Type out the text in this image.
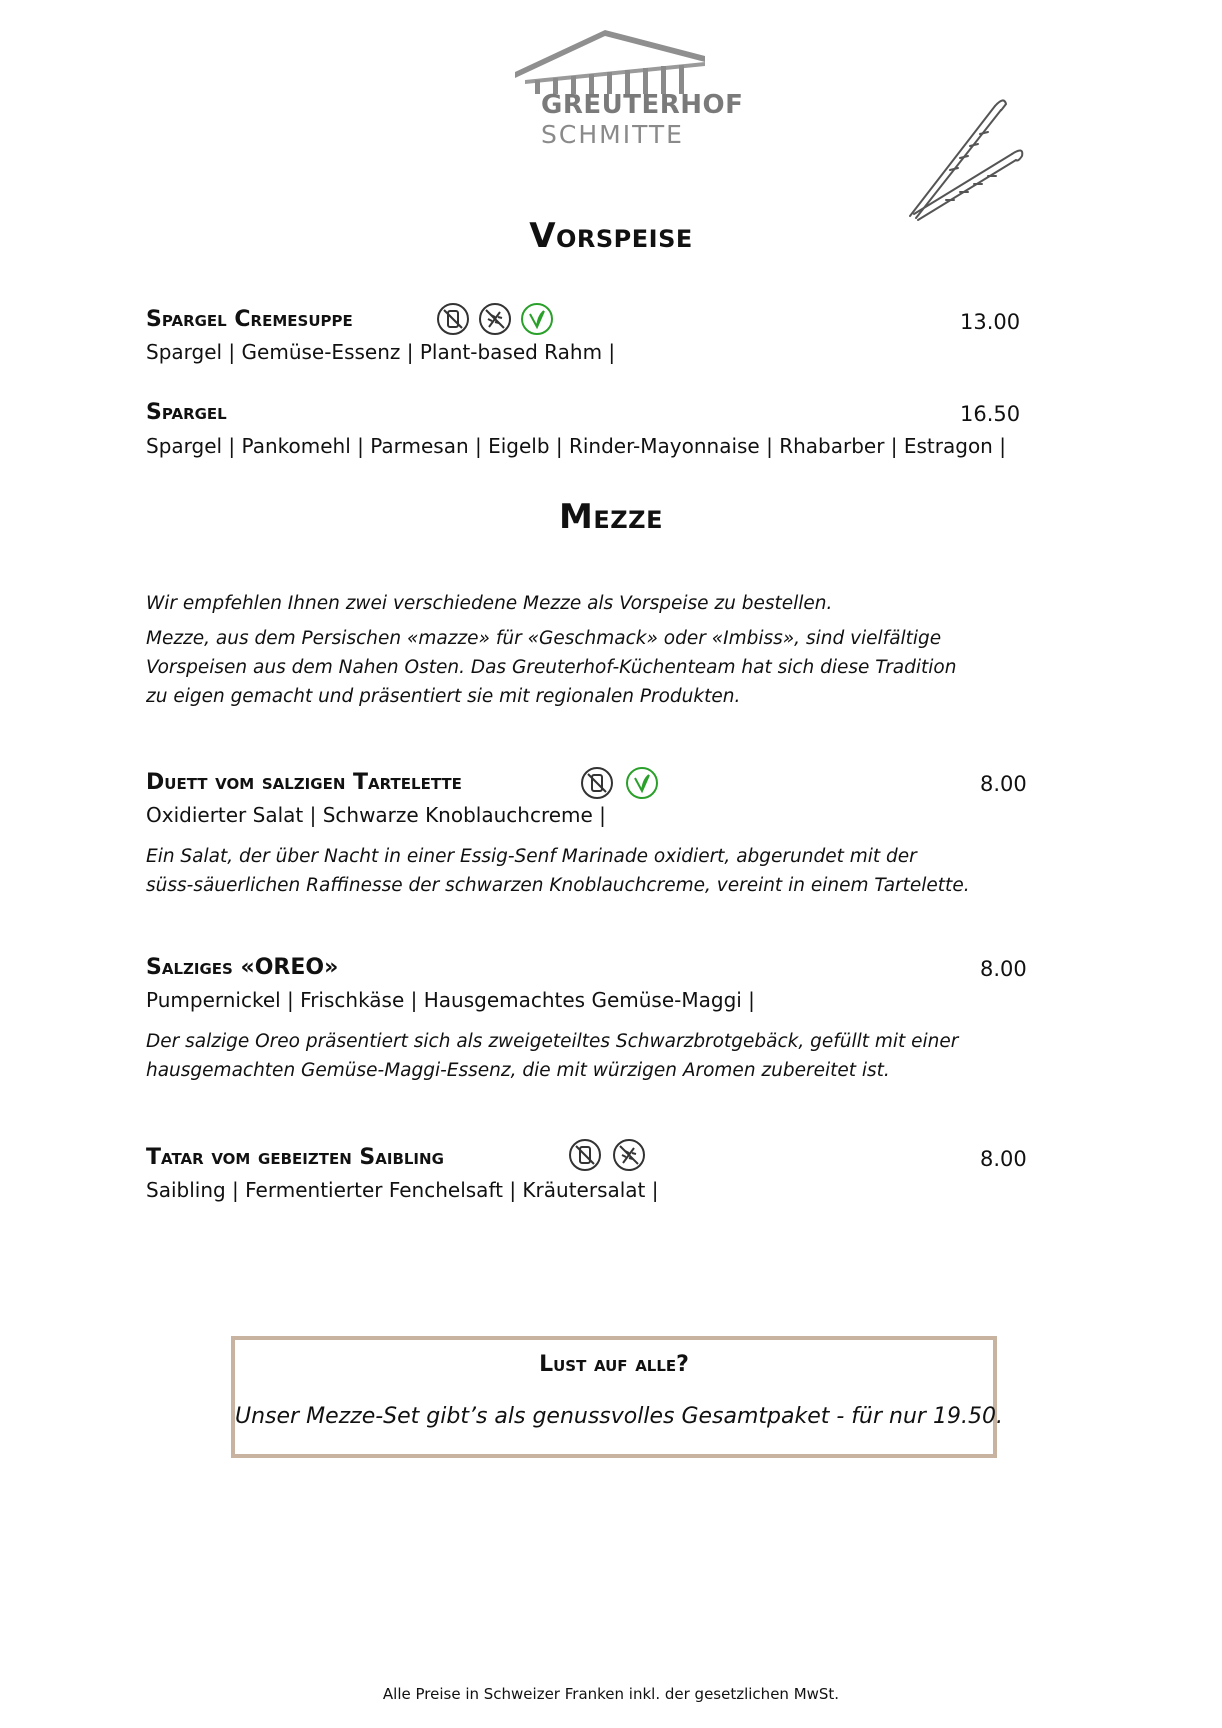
GREUTERHOF
SCHMITTE
Vorspeise
Spargel Cremesuppe	13.00
Spargel | Gemüse-Essenz | Plant-based Rahm |
Spargel	16.50
Spargel | Pankomehl | Parmesan | Eigelb | Rinder-Mayonnaise | Rhabarber | Estragon |
Mezze
Wir empfehlen Ihnen zwei verschiedene Mezze als Vorspeise zu bestellen.
Mezze, aus dem Persischen «mazze» für «Geschmack» oder «Imbiss», sind vielfältige
Vorspeisen aus dem Nahen Osten. Das Greuterhof-Küchenteam hat sich diese Tradition
zu eigen gemacht und präsentiert sie mit regionalen Produkten.
Duett vom salzigen Tartelette	8.00
Oxidierter Salat | Schwarze Knoblauchcreme |
Ein Salat, der über Nacht in einer Essig-Senf Marinade oxidiert, abgerundet mit der
süss-säuerlichen Raffinesse der schwarzen Knoblauchcreme, vereint in einem Tartelette.
Salziges «OREO»	8.00
Pumpernickel | Frischkäse | Hausgemachtes Gemüse-Maggi |
Der salzige Oreo präsentiert sich als zweigeteiltes Schwarzbrotgebäck, gefüllt mit einer
hausgemachten Gemüse-Maggi-Essenz, die mit würzigen Aromen zubereitet ist.
Tatar vom gebeizten Saibling	8.00
Saibling | Fermentierter Fenchelsaft | Kräutersalat |
Lust auf alle?
Unser Mezze-Set gibt’s als genussvolles Gesamtpaket - für nur 19.50.
Alle Preise in Schweizer Franken inkl. der gesetzlichen MwSt.
